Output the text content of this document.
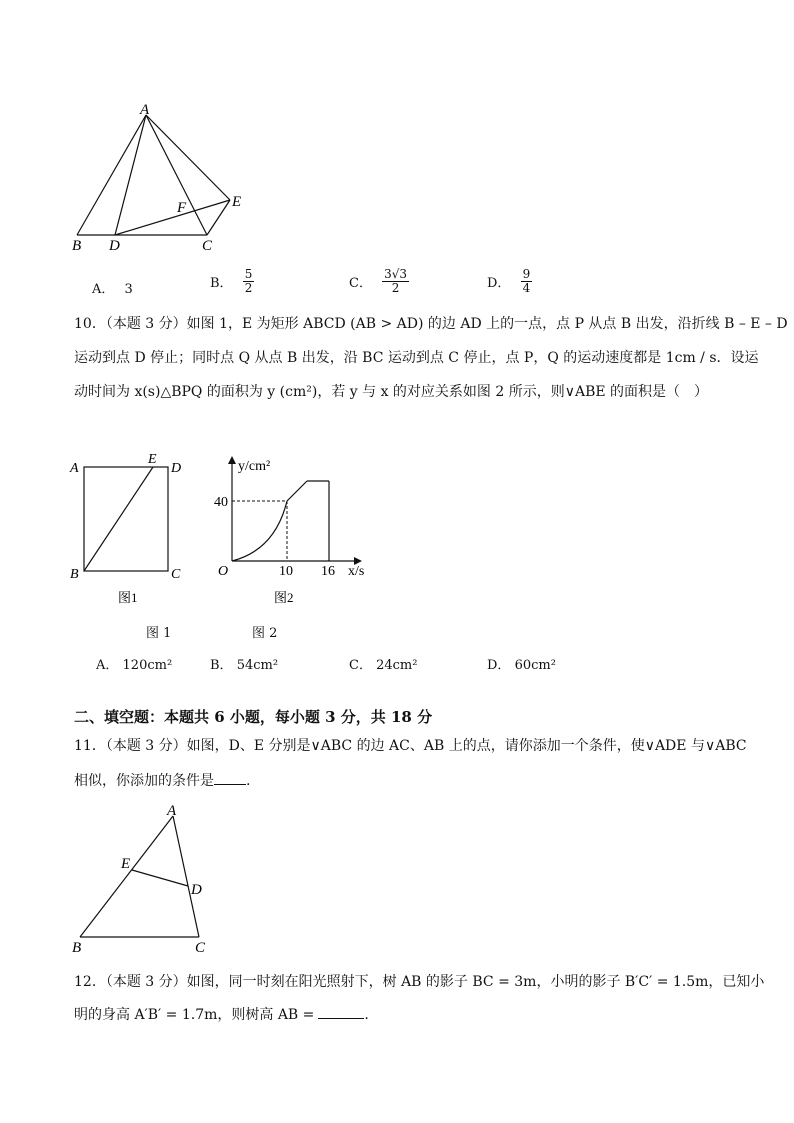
A
B D	C
E
F
A． 3	B． $\frac{5}{2}$	C． $\frac{3√3}{2}$	D． $\frac{9}{4}$
10．（本题 3 分）如图 1，E 为矩形 ABCD (AB > AD) 的边 AD 上的一点，点 P 从点 B 出发，沿折线 B – E – D
运动到点 D 停止；同时点 Q 从点 B 出发，沿 BC 运动到点 C 停止，点 P，Q 的运动速度都是 1cm / s．设运
动时间为 x(s)△BPQ 的面积为 y (cm²)，若 y 与 x 的对应关系如图 2 所示，则∨ABE 的面积是（　）
A
E
D
B	C
图1
y/cm²
40
O	10 16 x/s
图2
图 1	图 2
A． 120cm²	B． 54cm²	C． 24cm²	D． 60cm²
二、填空题：本题共 6 小题，每小题 3 分，共 18 分
11．（本题 3 分）如图，D、E 分别是∨ABC 的边 AC、AB 上的点，请你添加一个条件，使∨ADE 与∨ABC
相似，你添加的条件是 .
A
E
D
B	C
12．（本题 3 分）如图，同一时刻在阳光照射下，树 AB 的影子 BC = 3m，小明的影子 B′C′ = 1.5m，已知小
明的身高 A′B′ = 1.7m，则树高 AB =	.
